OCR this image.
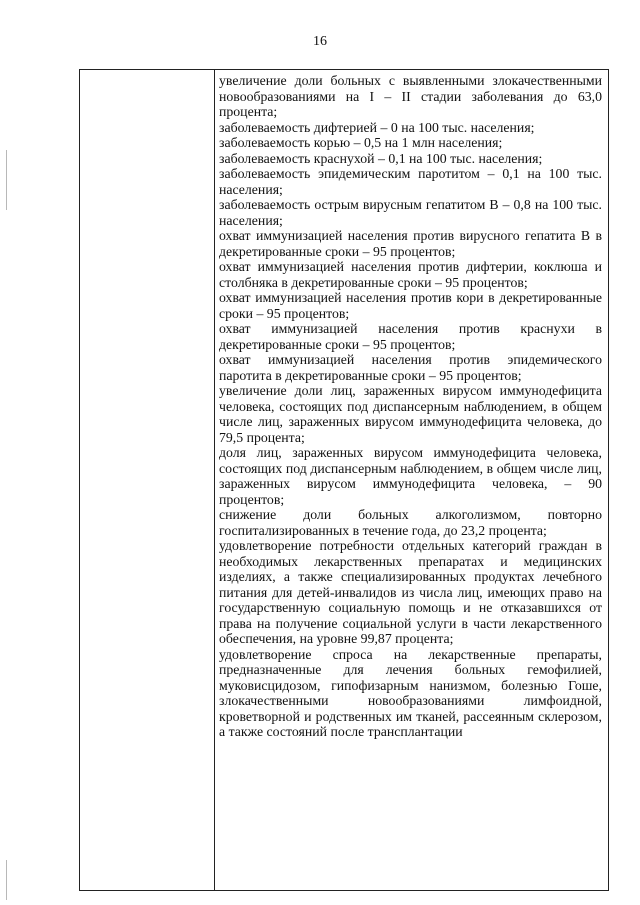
16

увеличение доли больных с выявленными злокачественными новообразованиями на I – II стадии заболевания до 63,0 процента;

заболеваемость дифтерией – 0 на 100 тыс. населения;

заболеваемость корью – 0,5 на 1 млн населения;

заболеваемость краснухой – 0,1 на 100 тыс. населения;

заболеваемость эпидемическим паротитом – 0,1 на 100 тыс. населения;

заболеваемость острым вирусным гепатитом В – 0,8 на 100 тыс. населения;

охват иммунизацией населения против вирусного гепатита В в декретированные сроки – 95 процентов;

охват иммунизацией населения против дифтерии, коклюша и столбняка в декретированные сроки – 95 процентов;

охват иммунизацией населения против кори в декретированные сроки – 95 процентов;

охват иммунизацией населения против краснухи в декретированные сроки – 95 процентов;

охват иммунизацией населения против эпидемического паротита в декретированные сроки – 95 процентов;

увеличение доли лиц, зараженных вирусом иммунодефицита человека, состоящих под диспансерным наблюдением, в общем числе лиц, зараженных вирусом иммунодефицита человека, до 79,5 процента;

доля лиц, зараженных вирусом иммунодефицита человека, состоящих под диспансерным наблюдением, в общем числе лиц, зараженных вирусом иммунодефицита человека, – 90 процентов;

снижение доли больных алкоголизмом, повторно госпитализированных в течение года, до 23,2 процента;

удовлетворение потребности отдельных категорий граждан в необходимых лекарственных препаратах и медицинских изделиях, а также специализированных продуктах лечебного питания для детей-инвалидов из числа лиц, имеющих право на государственную социальную помощь и не отказавшихся от права на получение социальной услуги в части лекарственного обеспечения, на уровне 99,87 процента;

удовлетворение спроса на лекарственные препараты, предназначенные для лечения больных гемофилией, муковисцидозом, гипофизарным нанизмом, болезнью Гоше, злокачественными новообразованиями лимфоидной, кроветворной и родственных им тканей, рассеянным склерозом, а также состояний после трансплантации
